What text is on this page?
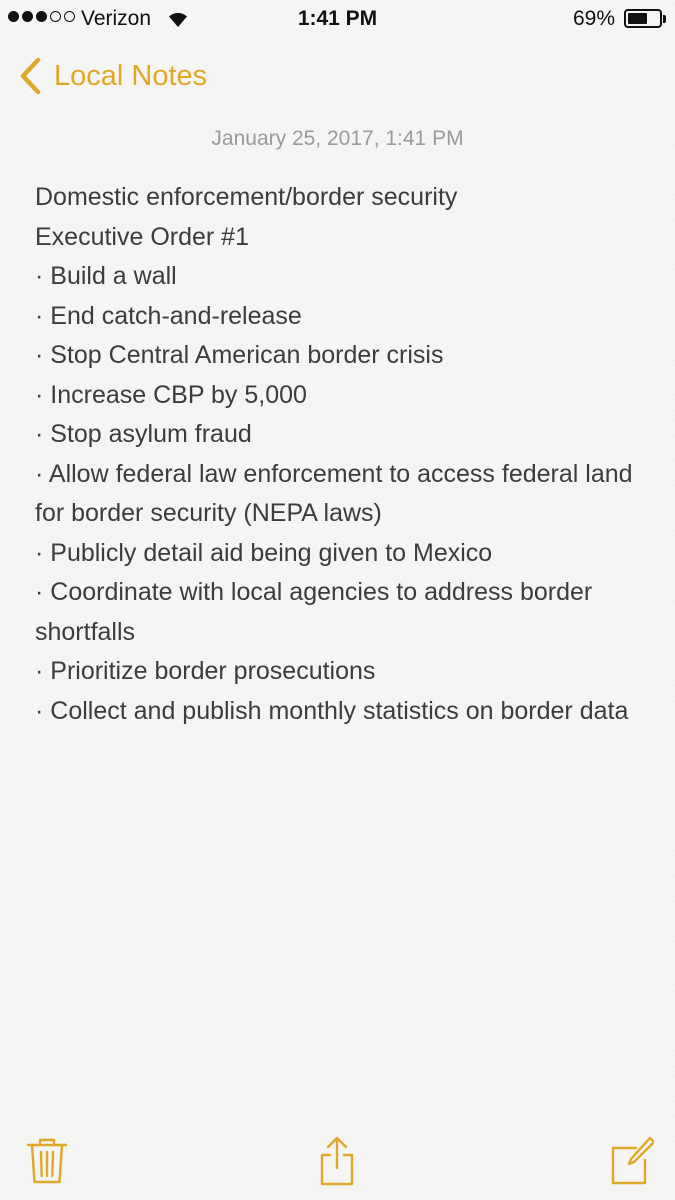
Verizon	1:41 PM	69%
Local Notes
January 25, 2017, 1:41 PM
Domestic enforcement/border security
Executive Order #1
· Build a wall
· End catch-and-release
· Stop Central American border crisis
· Increase CBP by 5,000
· Stop asylum fraud
· Allow federal law enforcement to access federal land for border security (NEPA laws)
· Publicly detail aid being given to Mexico
· Coordinate with local agencies to address border shortfalls
· Prioritize border prosecutions
· Collect and publish monthly statistics on border data
